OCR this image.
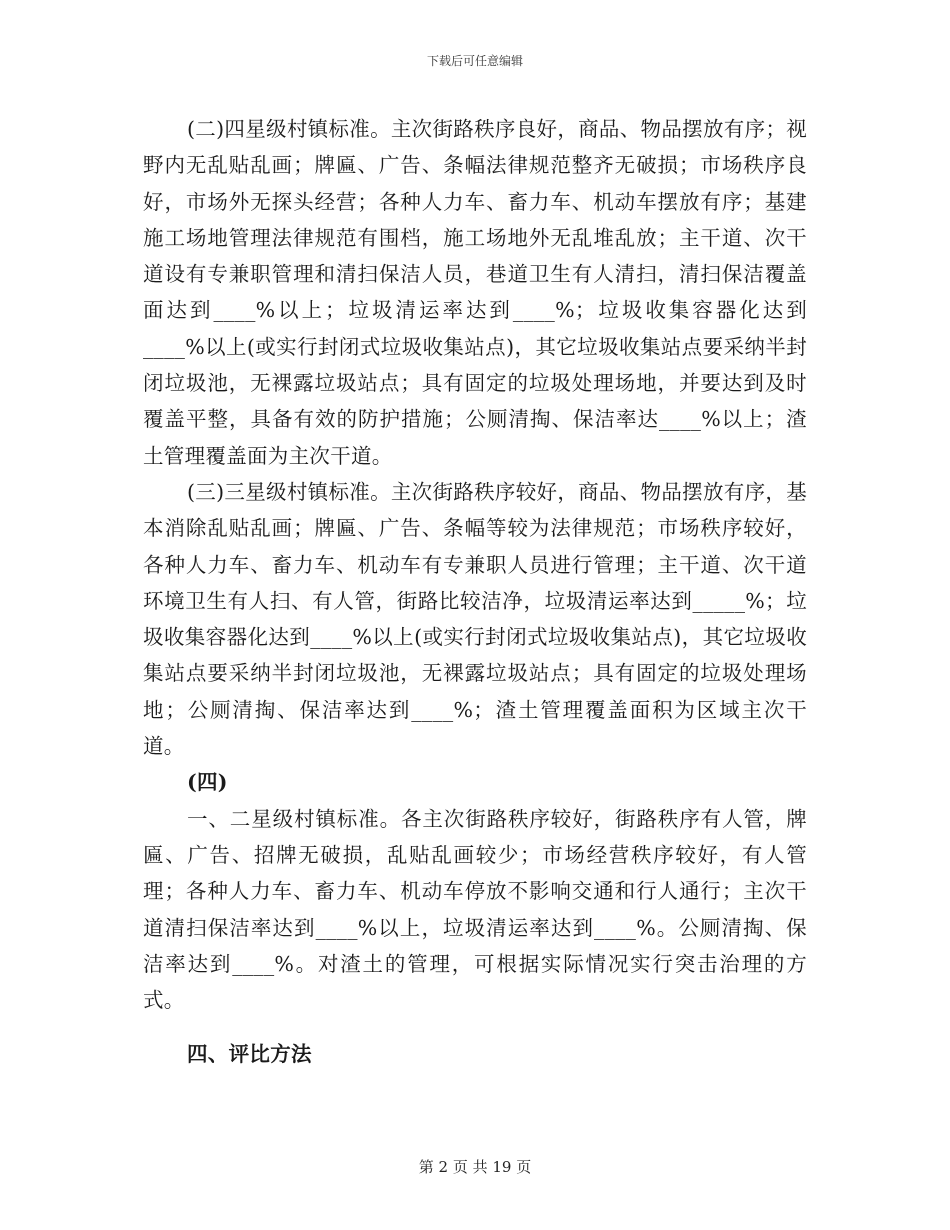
下载后可任意编辑

(二)四星级村镇标准。主次街路秩序良好，商品、物品摆放有序；视野内无乱贴乱画；牌匾、广告、条幅法律规范整齐无破损；市场秩序良好，市场外无探头经营；各种人力车、畜力车、机动车摆放有序；基建施工场地管理法律规范有围档，施工场地外无乱堆乱放；主干道、次干道设有专兼职管理和清扫保洁人员，巷道卫生有人清扫，清扫保洁覆盖面达到____%以上；垃圾清运率达到____%；垃圾收集容器化达到____%以上(或实行封闭式垃圾收集站点)，其它垃圾收集站点要采纳半封闭垃圾池，无裸露垃圾站点；具有固定的垃圾处理场地，并要达到及时覆盖平整，具备有效的防护措施；公厕清掏、保洁率达____%以上；渣土管理覆盖面为主次干道。

(三)三星级村镇标准。主次街路秩序较好，商品、物品摆放有序，基本消除乱贴乱画；牌匾、广告、条幅等较为法律规范；市场秩序较好，各种人力车、畜力车、机动车有专兼职人员进行管理；主干道、次干道环境卫生有人扫、有人管，街路比较洁净，垃圾清运率达到_____%；垃圾收集容器化达到____%以上(或实行封闭式垃圾收集站点)，其它垃圾收集站点要采纳半封闭垃圾池，无裸露垃圾站点；具有固定的垃圾处理场地；公厕清掏、保洁率达到____%；渣土管理覆盖面积为区域主次干道。

(四)

一、二星级村镇标准。各主次街路秩序较好，街路秩序有人管，牌匾、广告、招牌无破损，乱贴乱画较少；市场经营秩序较好，有人管理；各种人力车、畜力车、机动车停放不影响交通和行人通行；主次干道清扫保洁率达到____%以上，垃圾清运率达到____%。公厕清掏、保洁率达到____%。对渣土的管理，可根据实际情况实行突击治理的方式。

四、评比方法

第 2 页 共 19 页
